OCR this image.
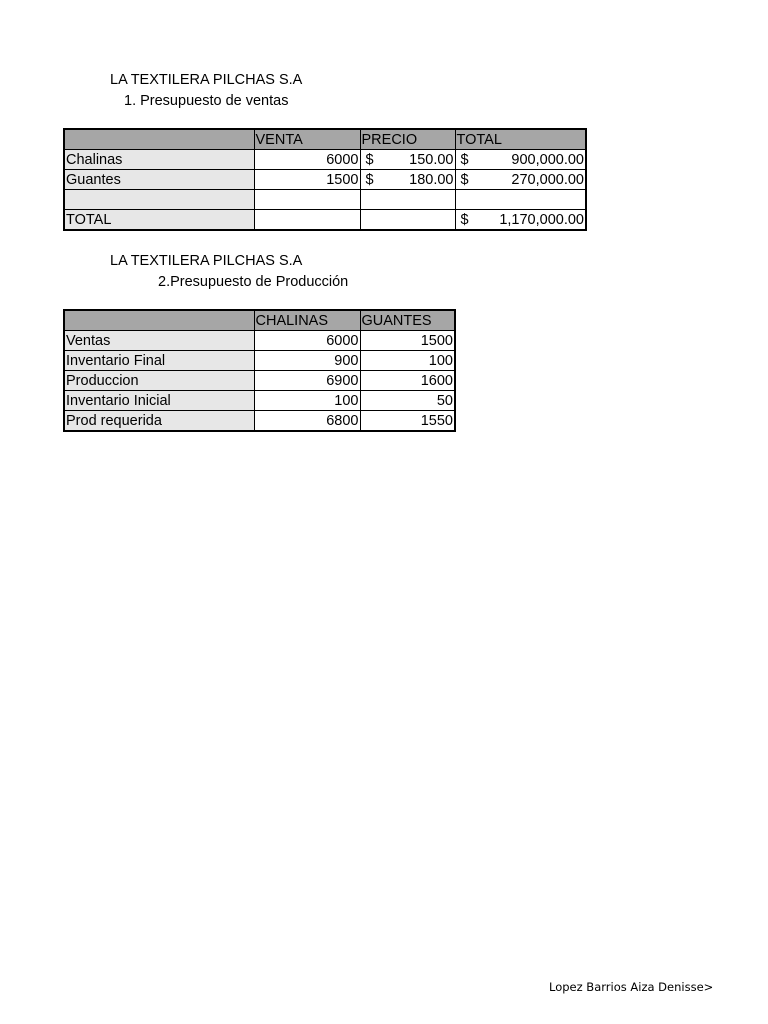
LA TEXTILERA PILCHAS S.A
1. Presupuesto de ventas
	VENTA	PRECIO	TOTAL
Chalinas	6000	$ 150.00	$ 900,000.00

Guantes	1500	$ 180.00	$ 270,000.00

TOTAL			$ 1,170,000.00
LA TEXTILERA PILCHAS S.A
2.Presupuesto de Producción
	CHALINAS	GUANTES
Ventas	6000	1500
Inventario Final	900	100
Produccion	6900	1600
Inventario Inicial	100	50
Prod requerida	6800	1550
Lopez Barrios Aiza Denisse>
